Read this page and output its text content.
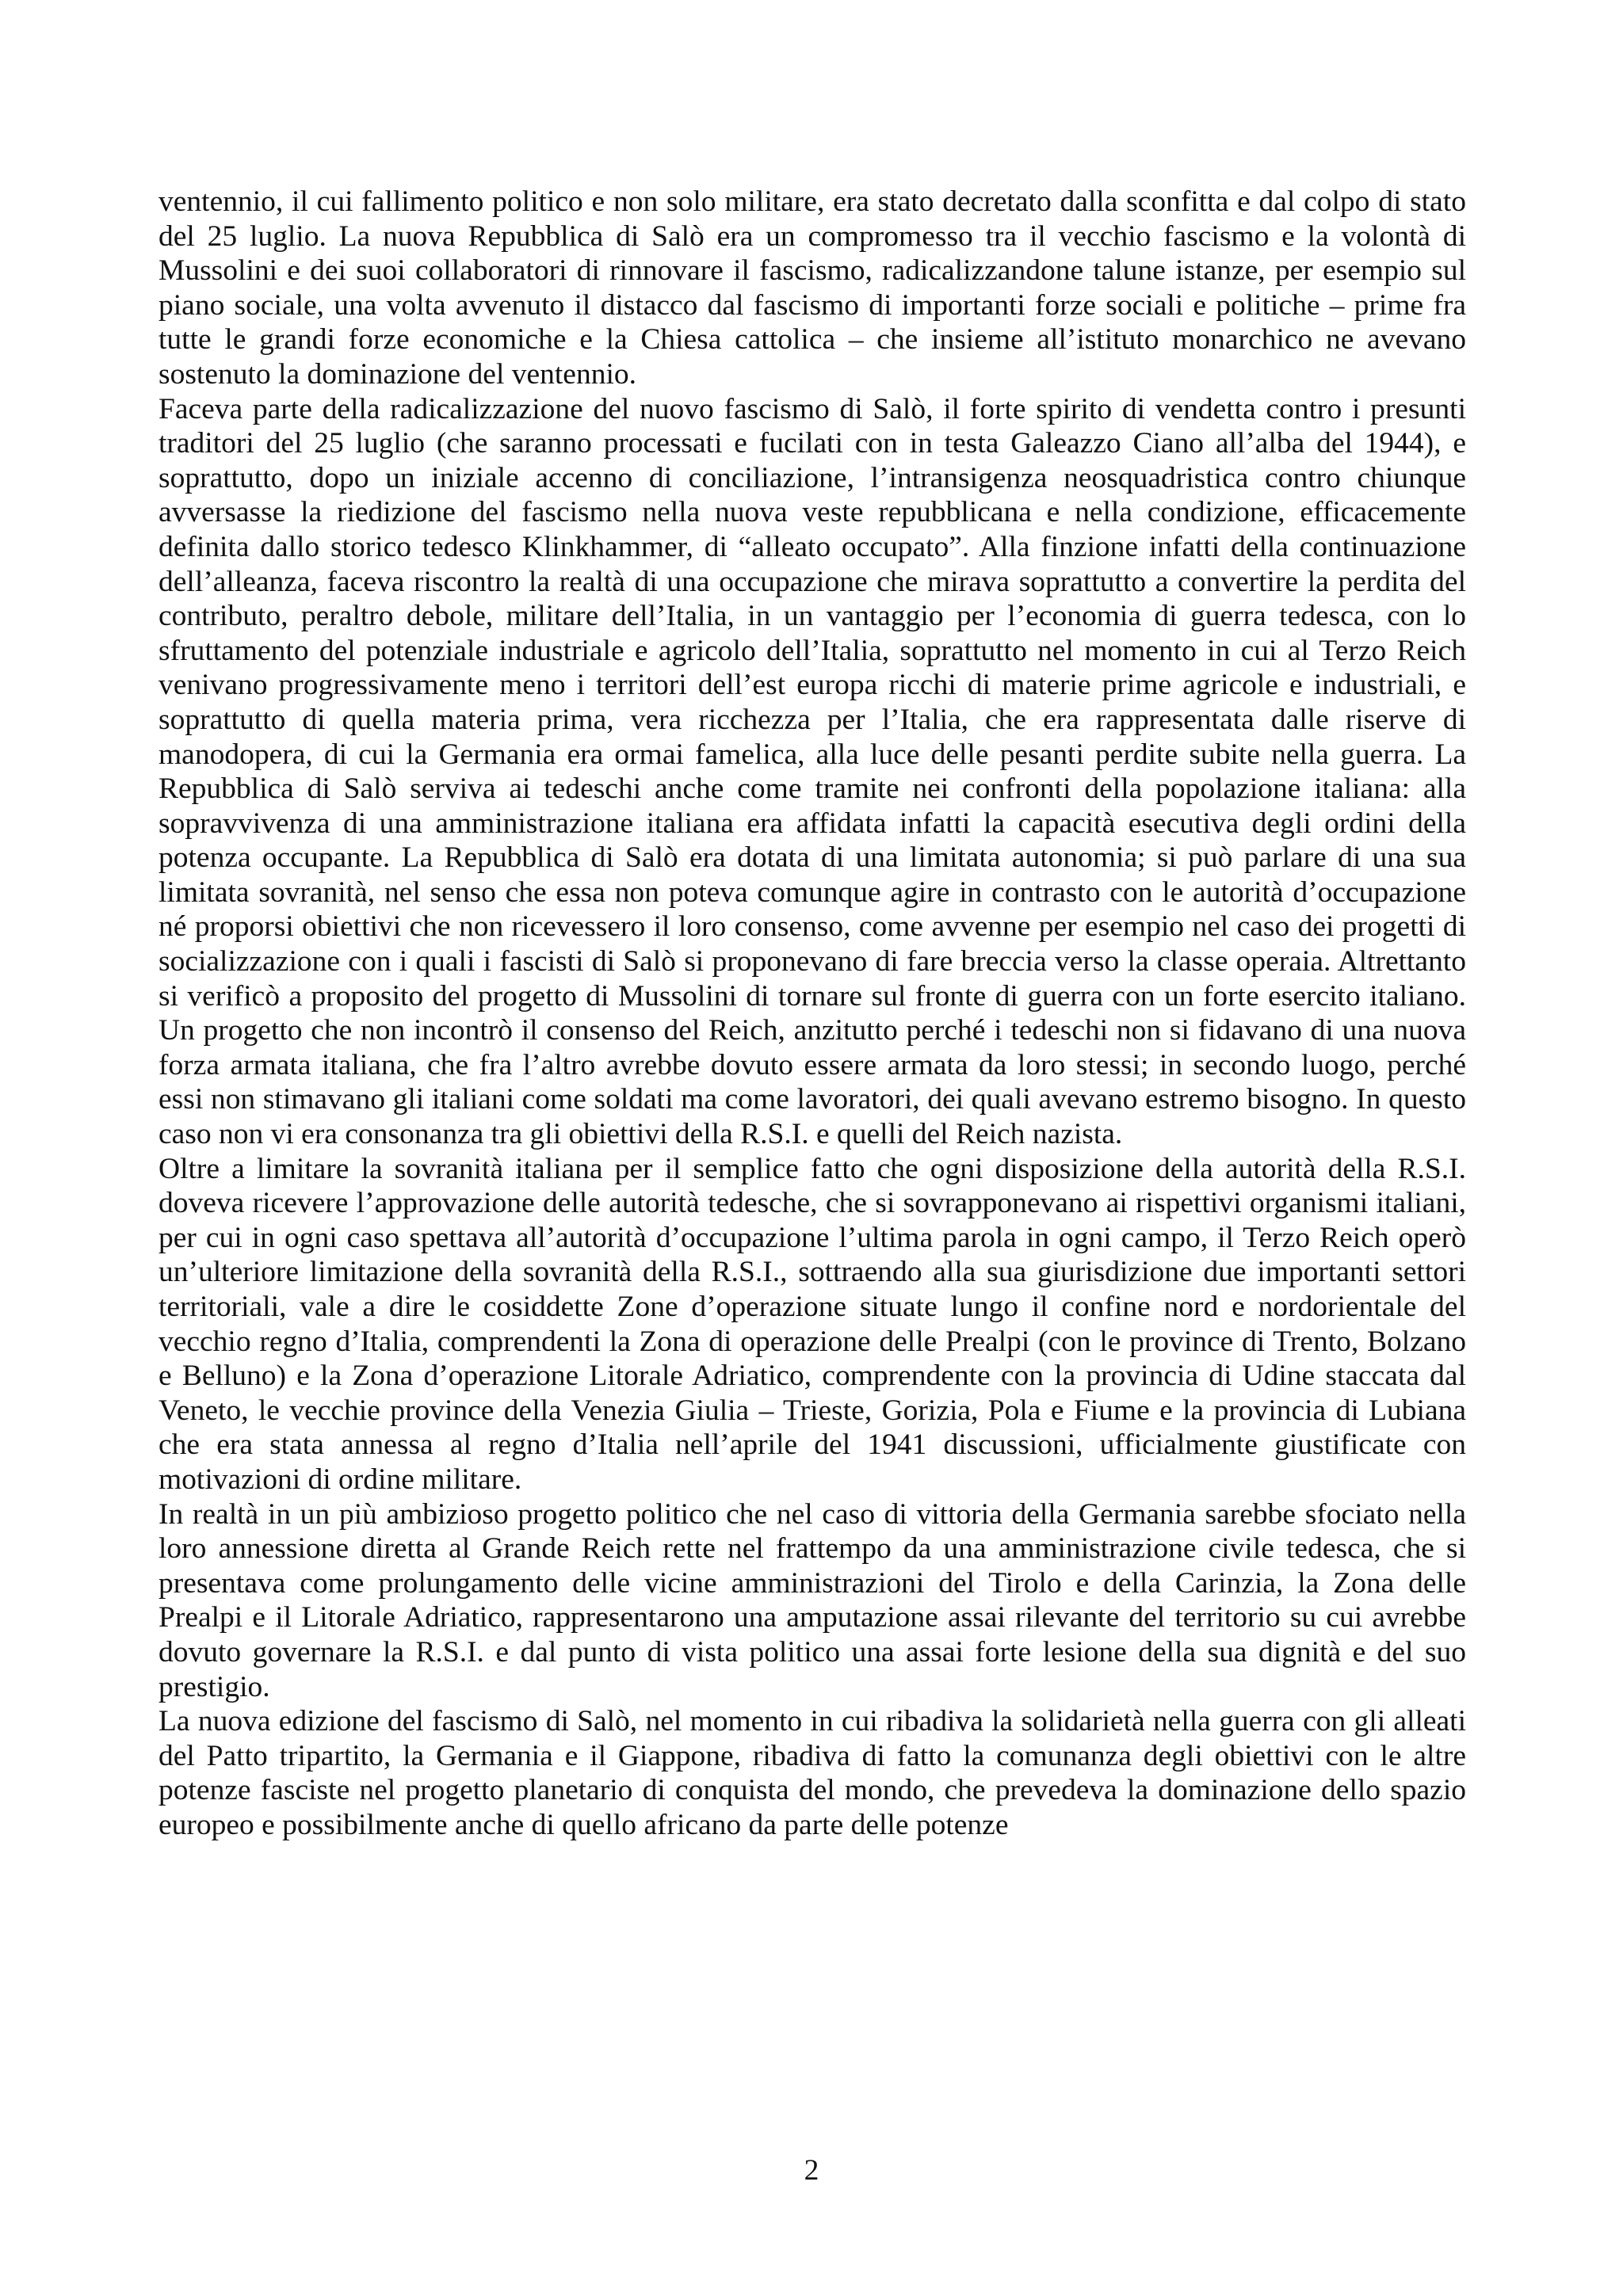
ventennio, il cui fallimento politico e non solo militare, era stato decretato dalla sconfitta e dal colpo di stato del 25 luglio. La nuova Repubblica di Salò era un compromesso tra il vecchio fascismo e la volontà di Mussolini e dei suoi collaboratori di rinnovare il fascismo, radicalizzandone talune istanze, per esempio sul piano sociale, una volta avvenuto il distacco dal fascismo di importanti forze sociali e politiche – prime fra tutte le grandi forze economiche e la Chiesa cattolica – che insieme all’istituto monarchico ne avevano sostenuto la dominazione del ventennio.

Faceva parte della radicalizzazione del nuovo fascismo di Salò, il forte spirito di vendetta contro i presunti traditori del 25 luglio (che saranno processati e fucilati con in testa Galeazzo Ciano all’alba del 1944), e soprattutto, dopo un iniziale accenno di conciliazione, l’intransigenza neosquadristica contro chiunque avversasse la riedizione del fascismo nella nuova veste repubblicana e nella condizione, efficacemente definita dallo storico tedesco Klinkhammer, di “alleato occupato”. Alla finzione infatti della continuazione dell’alleanza, faceva riscontro la realtà di una occupazione che mirava soprattutto a convertire la perdita del contributo, peraltro debole, militare dell’Italia, in un vantaggio per l’economia di guerra tedesca, con lo sfruttamento del potenziale industriale e agricolo dell’Italia, soprattutto nel momento in cui al Terzo Reich venivano progressivamente meno i territori dell’est europa ricchi di materie prime agricole e industriali, e soprattutto di quella materia prima, vera ricchezza per l’Italia, che era rappresentata dalle riserve di manodopera, di cui la Germania era ormai famelica, alla luce delle pesanti perdite subite nella guerra. La Repubblica di Salò serviva ai tedeschi anche come tramite nei confronti della popolazione italiana: alla sopravvivenza di una amministrazione italiana era affidata infatti la capacità esecutiva degli ordini della potenza occupante. La Repubblica di Salò era dotata di una limitata autonomia; si può parlare di una sua limitata sovranità, nel senso che essa non poteva comunque agire in contrasto con le autorità d’occupazione né proporsi obiettivi che non ricevessero il loro consenso, come avvenne per esempio nel caso dei progetti di socializzazione con i quali i fascisti di Salò si proponevano di fare breccia verso la classe operaia. Altrettanto si verificò a proposito del progetto di Mussolini di tornare sul fronte di guerra con un forte esercito italiano. Un progetto che non incontrò il consenso del Reich, anzitutto perché i tedeschi non si fidavano di una nuova forza armata italiana, che fra l’altro avrebbe dovuto essere armata da loro stessi; in secondo luogo, perché essi non stimavano gli italiani come soldati ma come lavoratori, dei quali avevano estremo bisogno. In questo caso non vi era consonanza tra gli obiettivi della R.S.I. e quelli del Reich nazista.

Oltre a limitare la sovranità italiana per il semplice fatto che ogni disposizione della autorità della R.S.I. doveva ricevere l’approvazione delle autorità tedesche, che si sovrapponevano ai rispettivi organismi italiani, per cui in ogni caso spettava all’autorità d’occupazione l’ultima parola in ogni campo, il Terzo Reich operò un’ulteriore limitazione della sovranità della R.S.I., sottraendo alla sua giurisdizione due importanti settori territoriali, vale a dire le cosiddette Zone d’operazione situate lungo il confine nord e nordorientale del vecchio regno d’Italia, comprendenti la Zona di operazione delle Prealpi (con le province di Trento, Bolzano e Belluno) e la Zona d’operazione Litorale Adriatico, comprendente con la provincia di Udine staccata dal Veneto, le vecchie province della Venezia Giulia – Trieste, Gorizia, Pola e Fiume e la provincia di Lubiana che era stata annessa al regno d’Italia nell’aprile del 1941 discussioni, ufficialmente giustificate con motivazioni di ordine militare.

In realtà in un più ambizioso progetto politico che nel caso di vittoria della Germania sarebbe sfociato nella loro annessione diretta al Grande Reich rette nel frattempo da una amministrazione civile tedesca, che si presentava come prolungamento delle vicine amministrazioni del Tirolo e della Carinzia, la Zona delle Prealpi e il Litorale Adriatico, rappresentarono una amputazione assai rilevante del territorio su cui avrebbe dovuto governare la R.S.I. e dal punto di vista politico una assai forte lesione della sua dignità e del suo prestigio.

La nuova edizione del fascismo di Salò, nel momento in cui ribadiva la solidarietà nella guerra con gli alleati del Patto tripartito, la Germania e il Giappone, ribadiva di fatto la comunanza degli obiettivi con le altre potenze fasciste nel progetto planetario di conquista del mondo, che prevedeva la dominazione dello spazio europeo e possibilmente anche di quello africano da parte delle potenze

2
